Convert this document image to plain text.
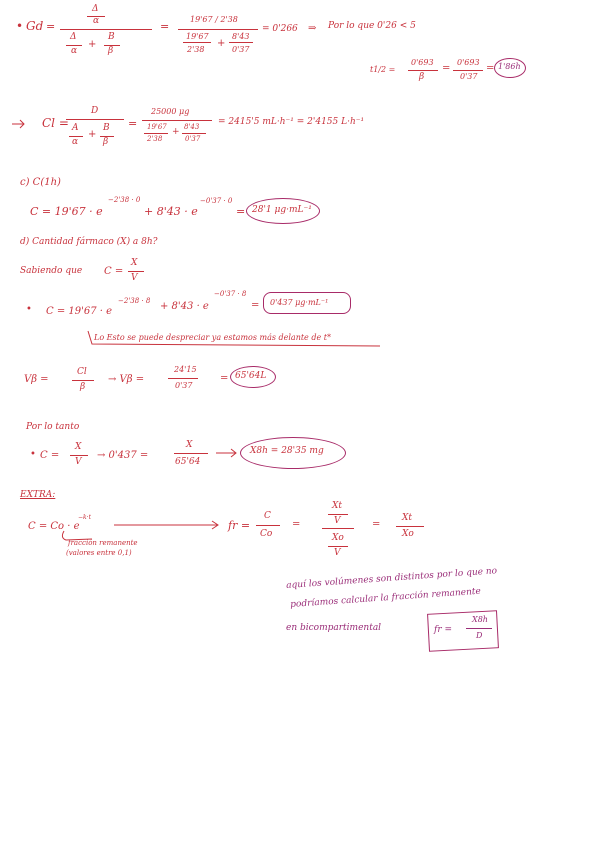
• Gd =
Δ
α
Δ
α
+
B
β
=
19'67 / 2'38
19'67
2'38
+
8'43
0'37
= 0'266 ⇒ Por lo que 0'26 < 5
t1/2 =
0'693
β
=
0'693
0'37
= 1'86h
Cl =
D
A
α
+
B
β
=
25000 μg
19'67
2'38
+ 8'43
0'37
= 2415'5 mL·h⁻¹ = 2'4155 L·h⁻¹
c) C(1h)
C = 19'67 · e
−2'38 · 0
+ 8'43 · e
−0'37 · 0
= 28'1 μg·mL⁻¹
d) Cantidad fármaco (X) a 8h?
Sabiendo que C =
X
V
• C = 19'67 · e
−2'38 · 8 + 8'43 · e
−0'37 · 8
= 0'437 μg·mL⁻¹
Lo Esto se puede despreciar ya estamos más delante de t*
Vβ =
Cl
β
→ Vβ =
24'15
0'37
= 65'64L
Por lo tanto
• C =
X
V
→ 0'437 =
X
65'64
X8h = 28'35 mg
EXTRA:
C = Co · e
−k·t
fracción remanente
(valores entre 0,1)
fr =
C
Co
=
Xt
V
Xo
V
=
Xt
Xo
aquí los volúmenes son distintos por lo que no
podríamos calcular la fracción remanente
en bicompartimental	fr =
X8h
D
